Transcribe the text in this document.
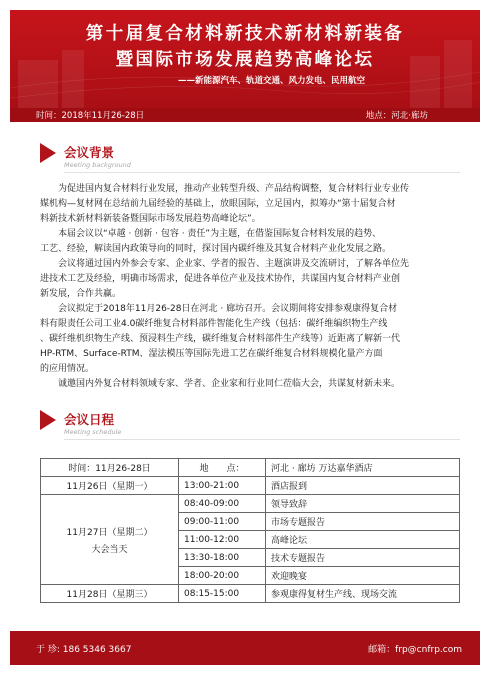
第十届复合材料新技术新材料新装备
暨国际市场发展趋势高峰论坛
——新能源汽车、轨道交通、风力发电、民用航空
时间：2018年11月26-28日	地点：河北·廊坊
会议背景
Meeting background
　　为促进国内复合材料行业发展，推动产业转型升级、产品结构调整，复合材料行业专业传
媒机构—复材网在总结前九届经验的基础上，放眼国际，立足国内，拟筹办“第十届复合材
料新技术新材料新装备暨国际市场发展趋势高峰论坛”。
　　本届会议以“卓越 · 创新 · 包容 · 责任”为主题，在借鉴国际复合材料发展的趋势、
工艺、经验，解读国内政策导向的同时，探讨国内碳纤维及其复合材料产业化发展之路。
　　会议将通过国内外参会专家、企业家、学者的报告、主题演讲及交流研讨，了解各单位先
进技术工艺及经验，明确市场需求，促进各单位产业及技术协作，共谋国内复合材料产业创
新发展，合作共赢。
　　会议拟定于2018年11月26-28日在河北 · 廊坊召开。会议期间将安排参观康得复合材
料有限责任公司工业4.0碳纤维复合材料部件智能化生产线（包括：碳纤维编织物生产线
、碳纤维机织物生产线、预浸料生产线，碳纤维复合材料部件生产线等）近距离了解新一代
HP-RTM、Surface-RTM、湿法模压等国际先进工艺在碳纤维复合材料规模化量产方面
的应用情况。
　　诚邀国内外复合材料领域专家、学者、企业家和行业同仁莅临大会，共谋复材新未来。
会议日程
Meeting schedule
时间：11月26-28日	地　　点：	河北 · 廊坊 万达嘉华酒店
11月26日（星期一）	13:00-21:00	酒店报到

11月27日（星期二）
大会当天	08:40-09:00	领导致辞
	09:00-11:00	市场专题报告
	11:00-12:00	高峰论坛
	13:30-18:00	技术专题报告
	18:00-20:00	欢迎晚宴
11月28日（星期三）	08:15-15:00	参观康得复材生产线、现场交流
于 珍: 186 5346 3667	邮箱：frp@cnfrp.com
